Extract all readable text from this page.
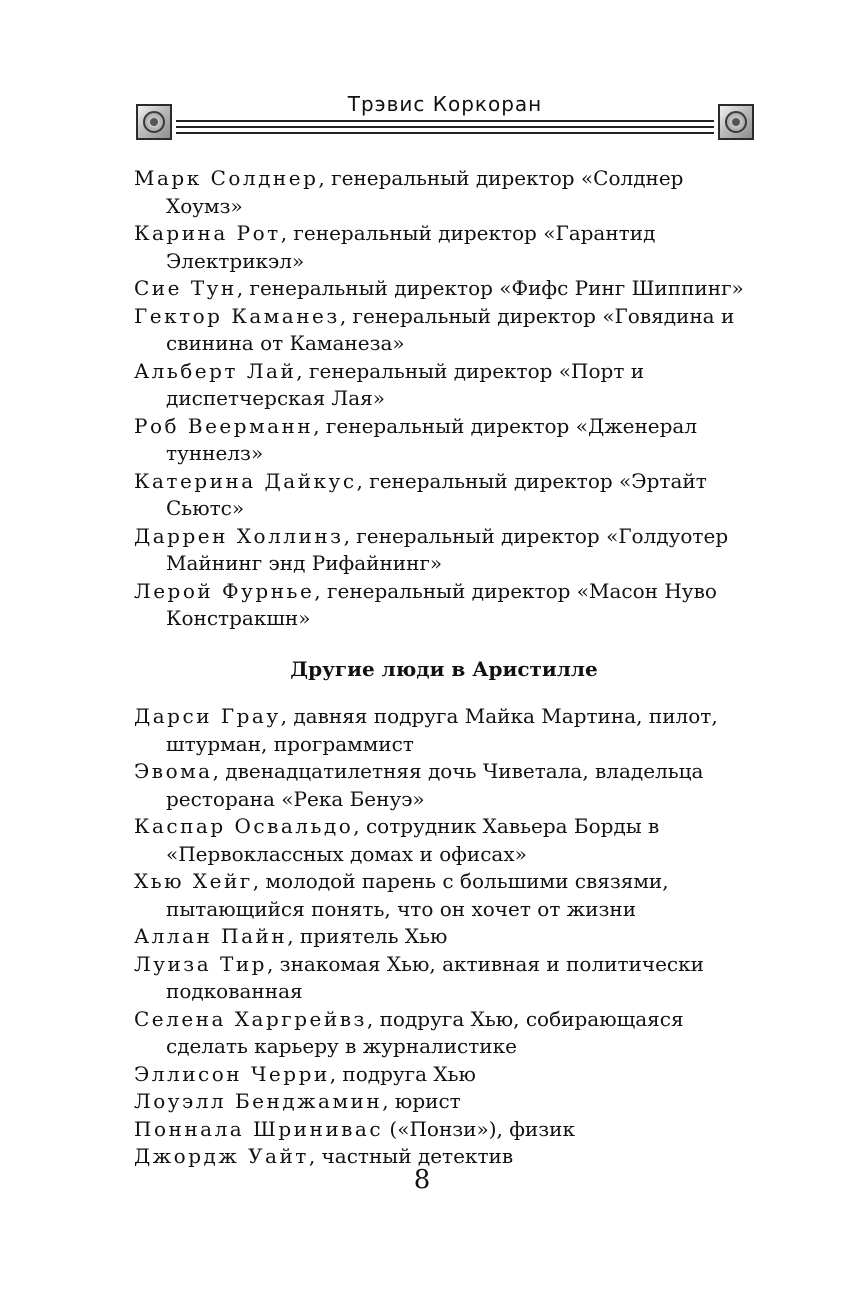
Трэвис Коркоран

Марк Солднер, генеральный директор «Солднер Хоумз»

Карина Рот, генеральный директор «Гарантид Электрикэл»

Сие Тун, генеральный директор «Фифс Ринг Шиппинг»

Гектор Каманез, генеральный директор «Говядина и свинина от Каманеза»

Альберт Лай, генеральный директор «Порт и диспетчерская Лая»

Роб Веерманн, генеральный директор «Дженерал туннелз»

Катерина Дайкус, генеральный директор «Эртайт Сьютс»

Даррен Холлинз, генеральный директор «Голдуотер Майнинг энд Рифайнинг»

Лерой Фурнье, генеральный директор «Масон Нуво Констракшн»

Другие люди в Аристилле

Дарси Грау, давняя подруга Майка Мартина, пилот, штурман, программист

Эвома, двенадцатилетняя дочь Чиветала, владельца ресторана «Река Бенуэ»

Каспар Освальдо, сотрудник Хавьера Борды в «Первоклассных домах и офисах»

Хью Хейг, молодой парень с большими связями, пытающийся понять, что он хочет от жизни

Аллан Пайн, приятель Хью

Луиза Тир, знакомая Хью, активная и политически подкованная

Селена Харгрейвз, подруга Хью, собирающаяся сделать карьеру в журналистике

Эллисон Черри, подруга Хью

Лоуэлл Бенджамин, юрист

Поннала Шринивас («Понзи»), физик

Джордж Уайт, частный детектив

8
